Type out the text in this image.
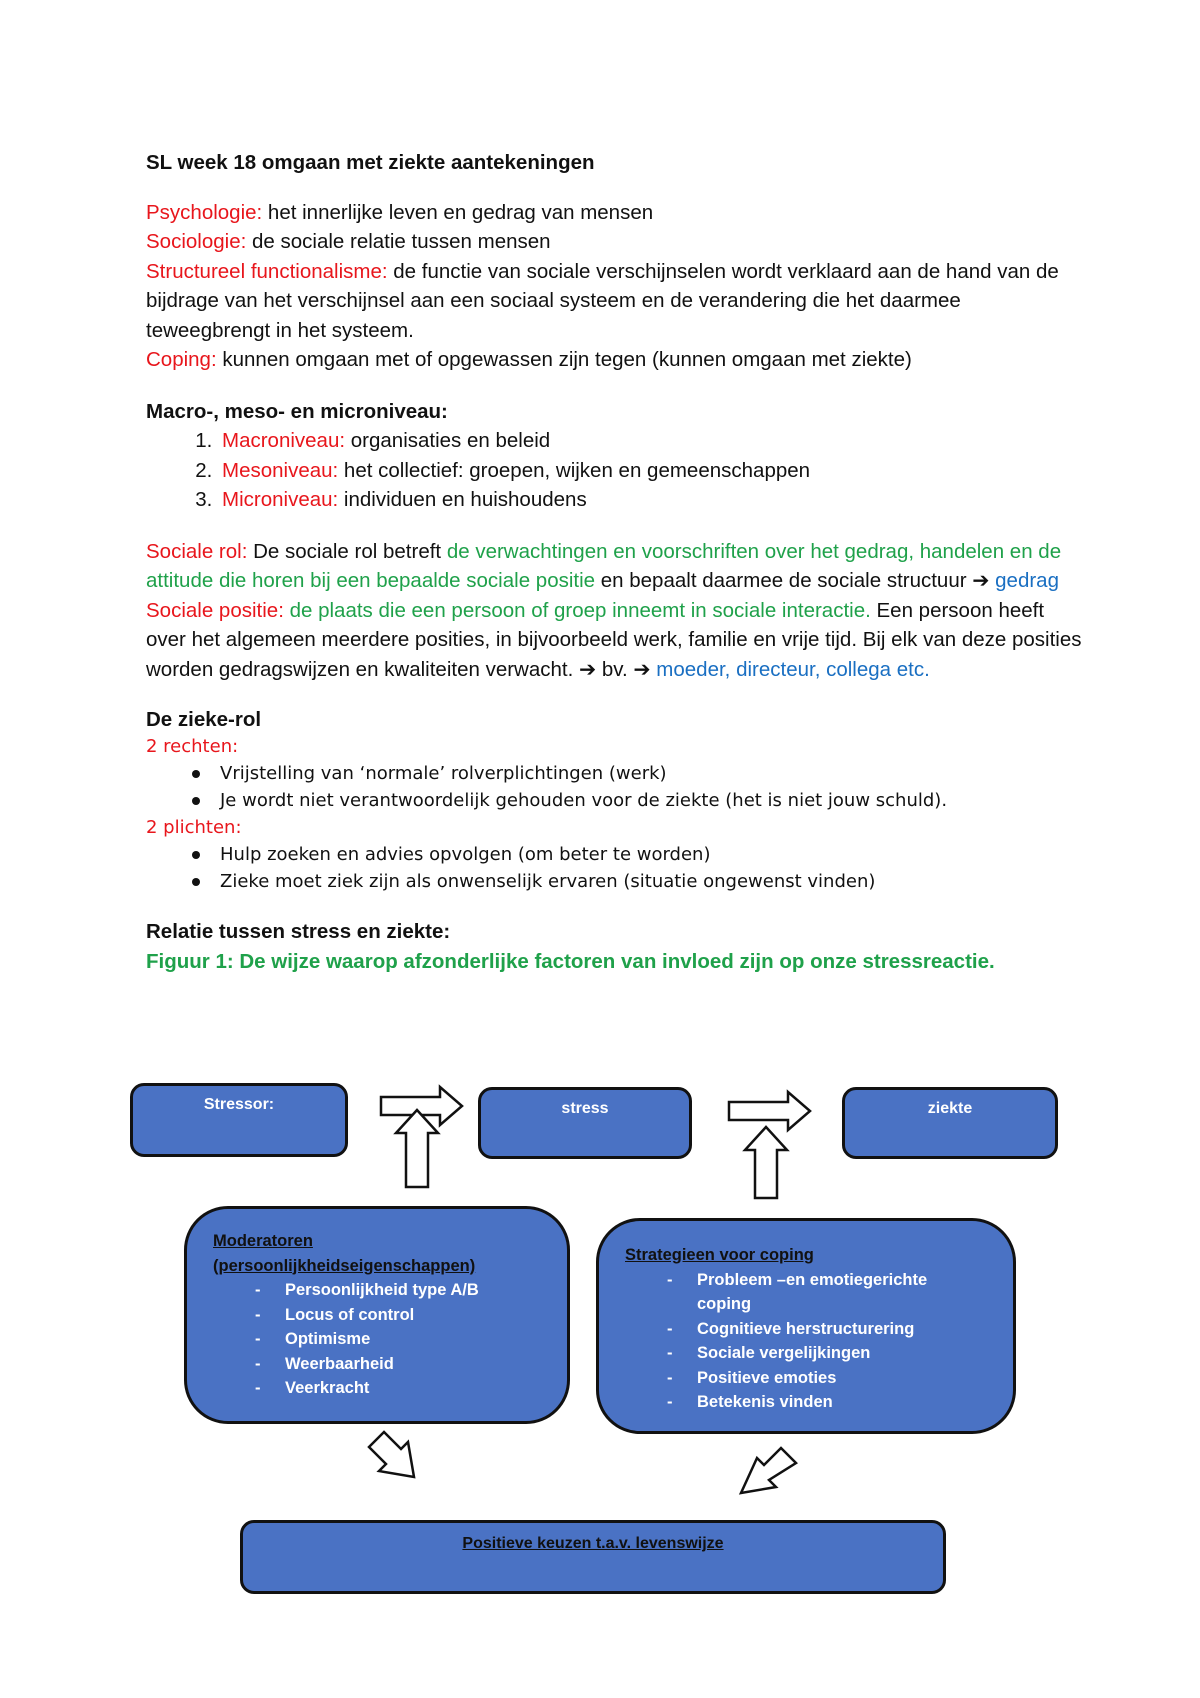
SL week 18 omgaan met ziekte aantekeningen

Psychologie: het innerlijke leven en gedrag van mensen

Sociologie: de sociale relatie tussen mensen

Structureel functionalisme: de functie van sociale verschijnselen wordt verklaard aan de hand van de bijdrage van het verschijnsel aan een sociaal systeem en de verandering die het daarmee teweegbrengt in het systeem.

Coping: kunnen omgaan met of opgewassen zijn tegen (kunnen omgaan met ziekte)

Macro-, meso- en microniveau:

1. Macroniveau: organisaties en beleid
2. Mesoniveau: het collectief: groepen, wijken en gemeenschappen
3. Microniveau: individuen en huishoudens

Sociale rol: De sociale rol betreft de verwachtingen en voorschriften over het gedrag, handelen en de attitude die horen bij een bepaalde sociale positie en bepaalt daarmee de sociale structuur ➔ gedrag

Sociale positie: de plaats die een persoon of groep inneemt in sociale interactie. Een persoon heeft over het algemeen meerdere posities, in bijvoorbeeld werk, familie en vrije tijd. Bij elk van deze posities worden gedragswijzen en kwaliteiten verwacht. ➔ bv. ➔ moeder, directeur, collega etc.

De zieke-rol

2 rechten:

Vrijstelling van ‘normale’ rolverplichtingen (werk)
Je wordt niet verantwoordelijk gehouden voor de ziekte (het is niet jouw schuld).

2 plichten:

Hulp zoeken en advies opvolgen (om beter te worden)
Zieke moet ziek zijn als onwenselijk ervaren (situatie ongewenst vinden)

Relatie tussen stress en ziekte:

Figuur 1: De wijze waarop afzonderlijke factoren van invloed zijn op onze stressreactie.

Stressor:	stress	ziekte
Moderatoren (persoonlijkheidseigenschappen)
- Persoonlijkheid type A/B
- Locus of control
- Optimisme
- Weerbaarheid
- Veerkracht
Strategieen voor coping
- Probleem –en emotiegerichte coping
- Cognitieve herstructurering
- Sociale vergelijkingen
- Positieve emoties
- Betekenis vinden
Positieve keuzen t.a.v. levenswijze
